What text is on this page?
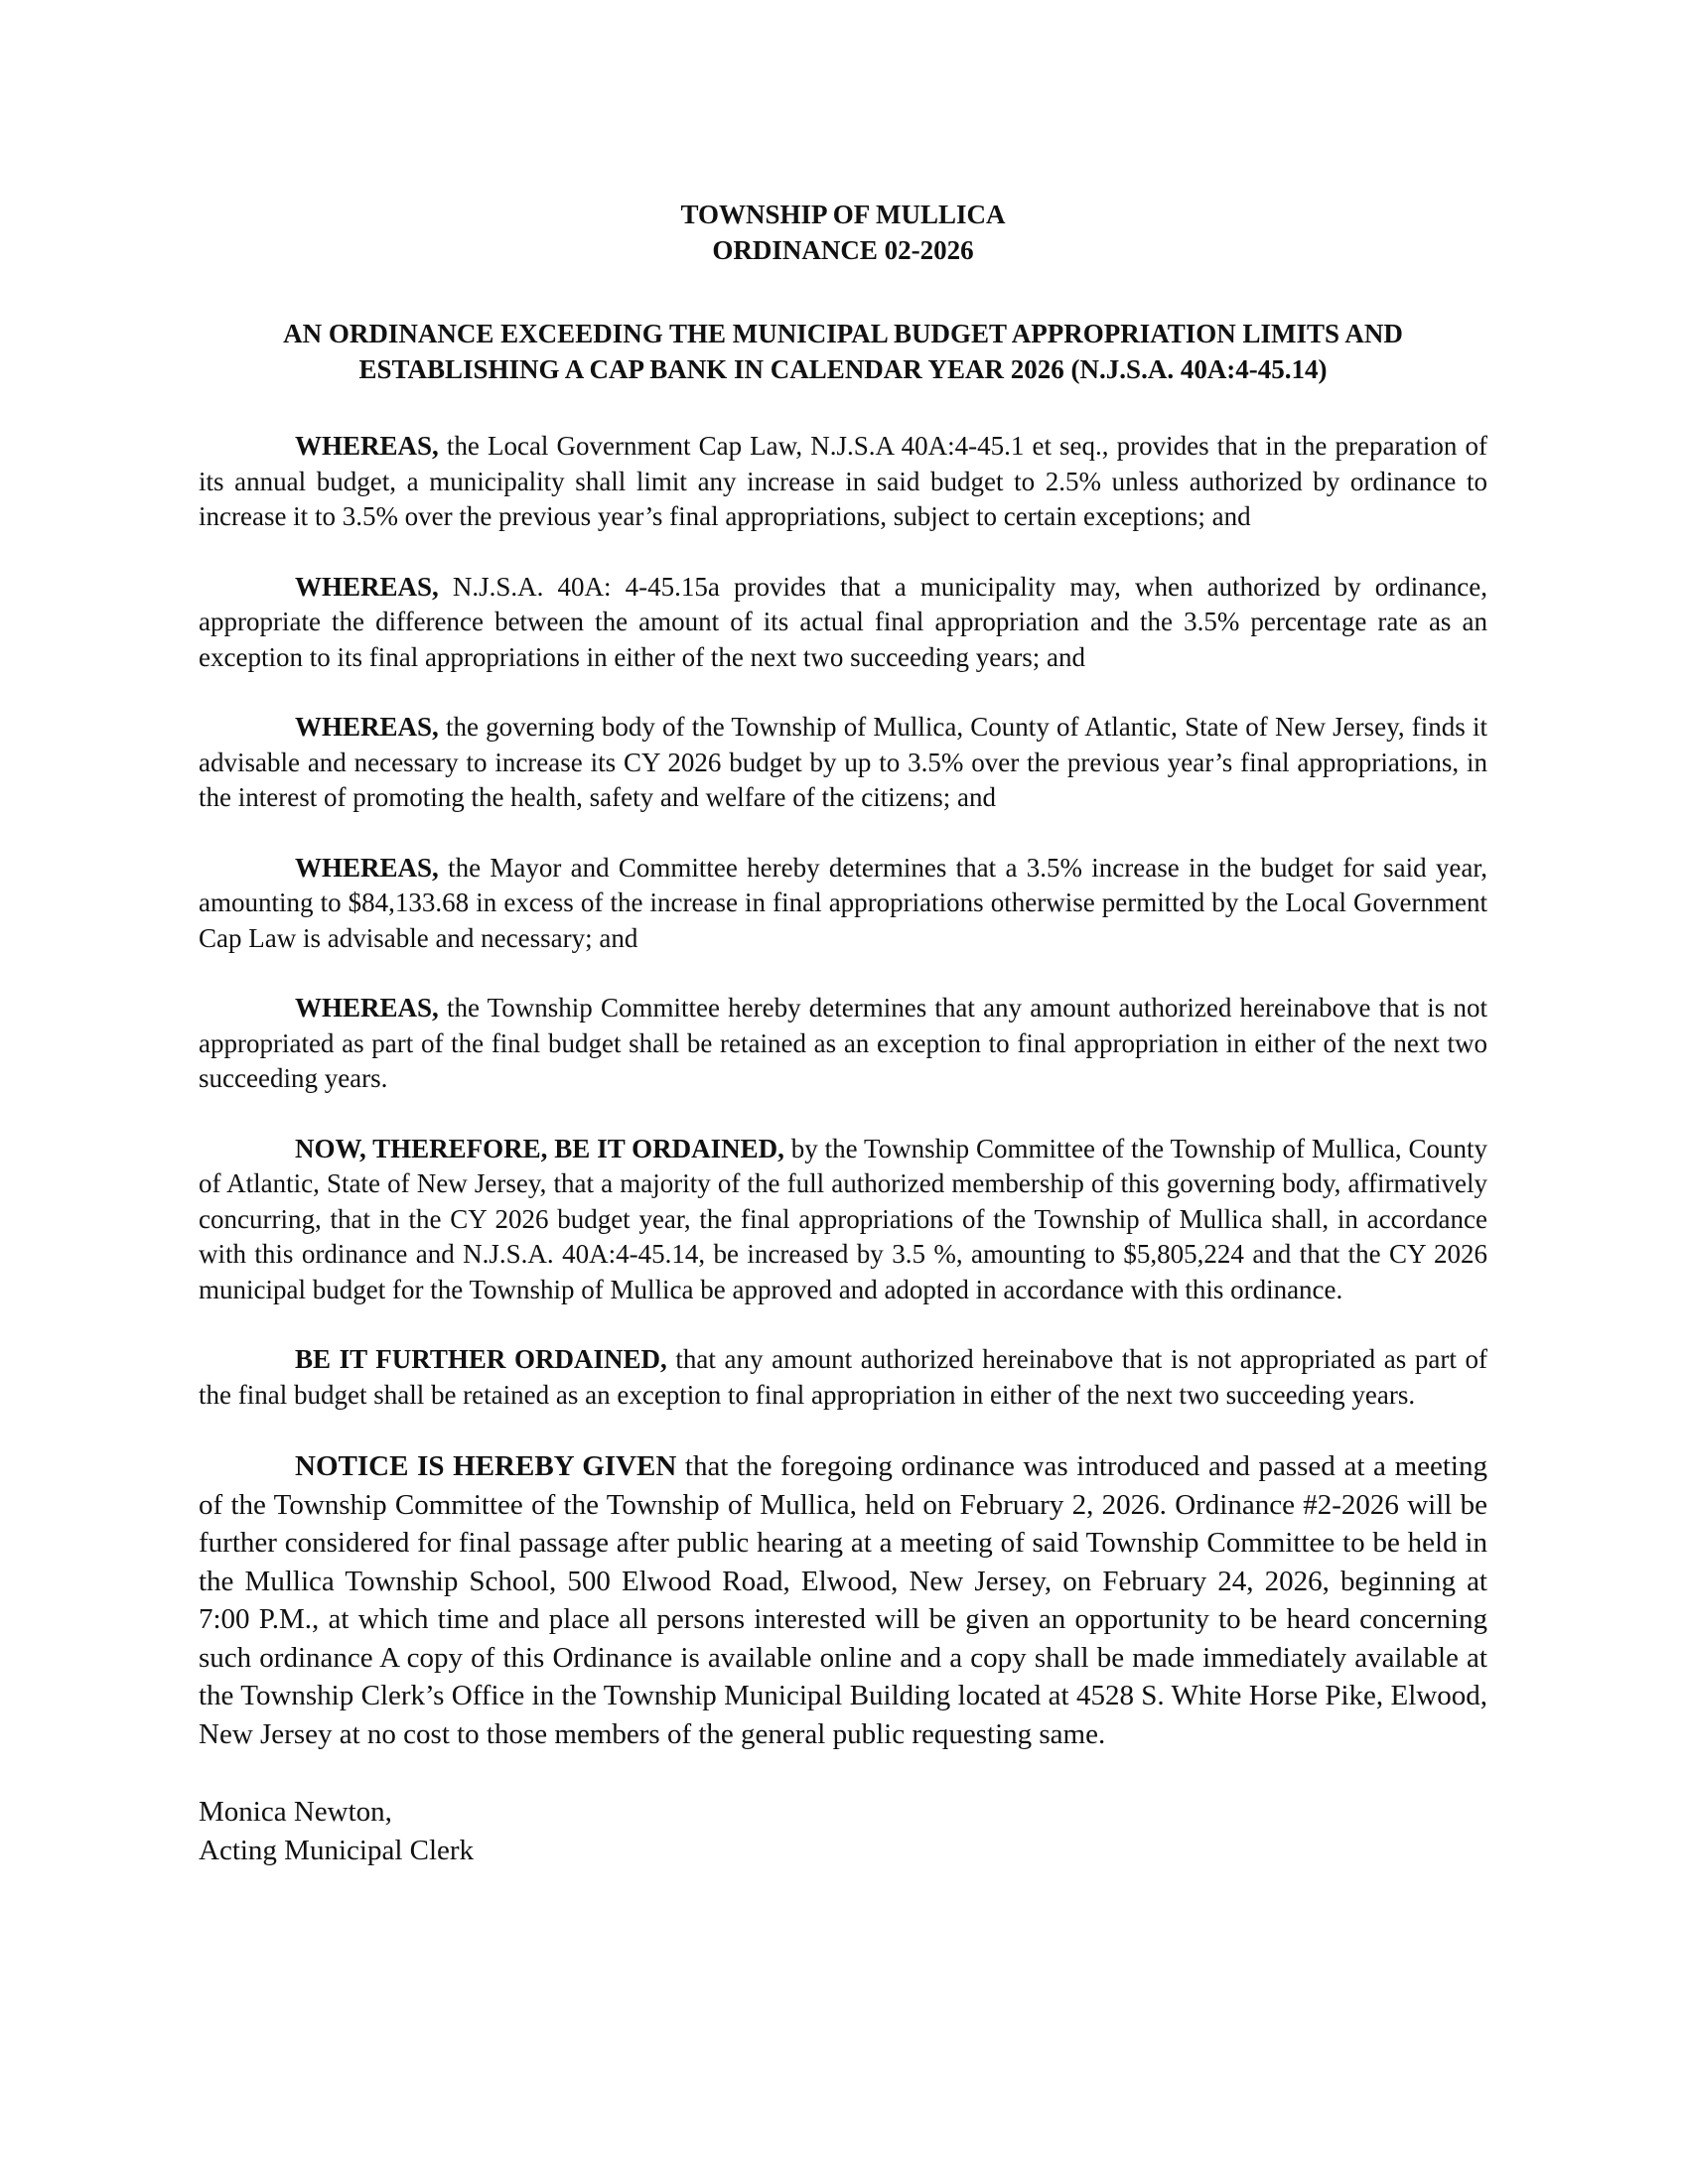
TOWNSHIP OF MULLICA
ORDINANCE 02-2026
AN ORDINANCE EXCEEDING THE MUNICIPAL BUDGET APPROPRIATION LIMITS AND
ESTABLISHING A CAP BANK IN CALENDAR YEAR 2026 (N.J.S.A. 40A:4-45.14)

WHEREAS, the Local Government Cap Law, N.J.S.A 40A:4-45.1 et seq., provides that in the preparation of its annual budget, a municipality shall limit any increase in said budget to 2.5% unless authorized by ordinance to increase it to 3.5% over the previous year’s final appropriations, subject to certain exceptions; and

WHEREAS, N.J.S.A. 40A: 4-45.15a provides that a municipality may, when authorized by ordinance, appropriate the difference between the amount of its actual final appropriation and the 3.5% percentage rate as an exception to its final appropriations in either of the next two succeeding years; and

WHEREAS, the governing body of the Township of Mullica, County of Atlantic, State of New Jersey, finds it advisable and necessary to increase its CY 2026 budget by up to 3.5% over the previous year’s final appropriations, in the interest of promoting the health, safety and welfare of the citizens; and

WHEREAS, the Mayor and Committee hereby determines that a 3.5% increase in the budget for said year, amounting to $84,133.68 in excess of the increase in final appropriations otherwise permitted by the Local Government Cap Law is advisable and necessary; and

WHEREAS, the Township Committee hereby determines that any amount authorized hereinabove that is not appropriated as part of the final budget shall be retained as an exception to final appropriation in either of the next two succeeding years.

NOW, THEREFORE, BE IT ORDAINED, by the Township Committee of the Township of Mullica, County of Atlantic, State of New Jersey, that a majority of the full authorized membership of this governing body, affirmatively concurring, that in the CY 2026 budget year, the final appropriations of the Township of Mullica shall, in accordance with this ordinance and N.J.S.A. 40A:4-45.14, be increased by 3.5 %, amounting to $5,805,224 and that the CY 2026 municipal budget for the Township of Mullica be approved and adopted in accordance with this ordinance.

BE IT FURTHER ORDAINED, that any amount authorized hereinabove that is not appropriated as part of the final budget shall be retained as an exception to final appropriation in either of the next two succeeding years.

NOTICE IS HEREBY GIVEN that the foregoing ordinance was introduced and passed at a meeting of the Township Committee of the Township of Mullica, held on February 2, 2026. Ordinance #2-2026 will be further considered for final passage after public hearing at a meeting of said Township Committee to be held in the Mullica Township School, 500 Elwood Road, Elwood, New Jersey, on February 24, 2026, beginning at 7:00 P.M., at which time and place all persons interested will be given an opportunity to be heard concerning such ordinance A copy of this Ordinance is available online and a copy shall be made immediately available at the Township Clerk’s Office in the Township Municipal Building located at 4528 S. White Horse Pike, Elwood, New Jersey at no cost to those members of the general public requesting same.

Monica Newton,
Acting Municipal Clerk
